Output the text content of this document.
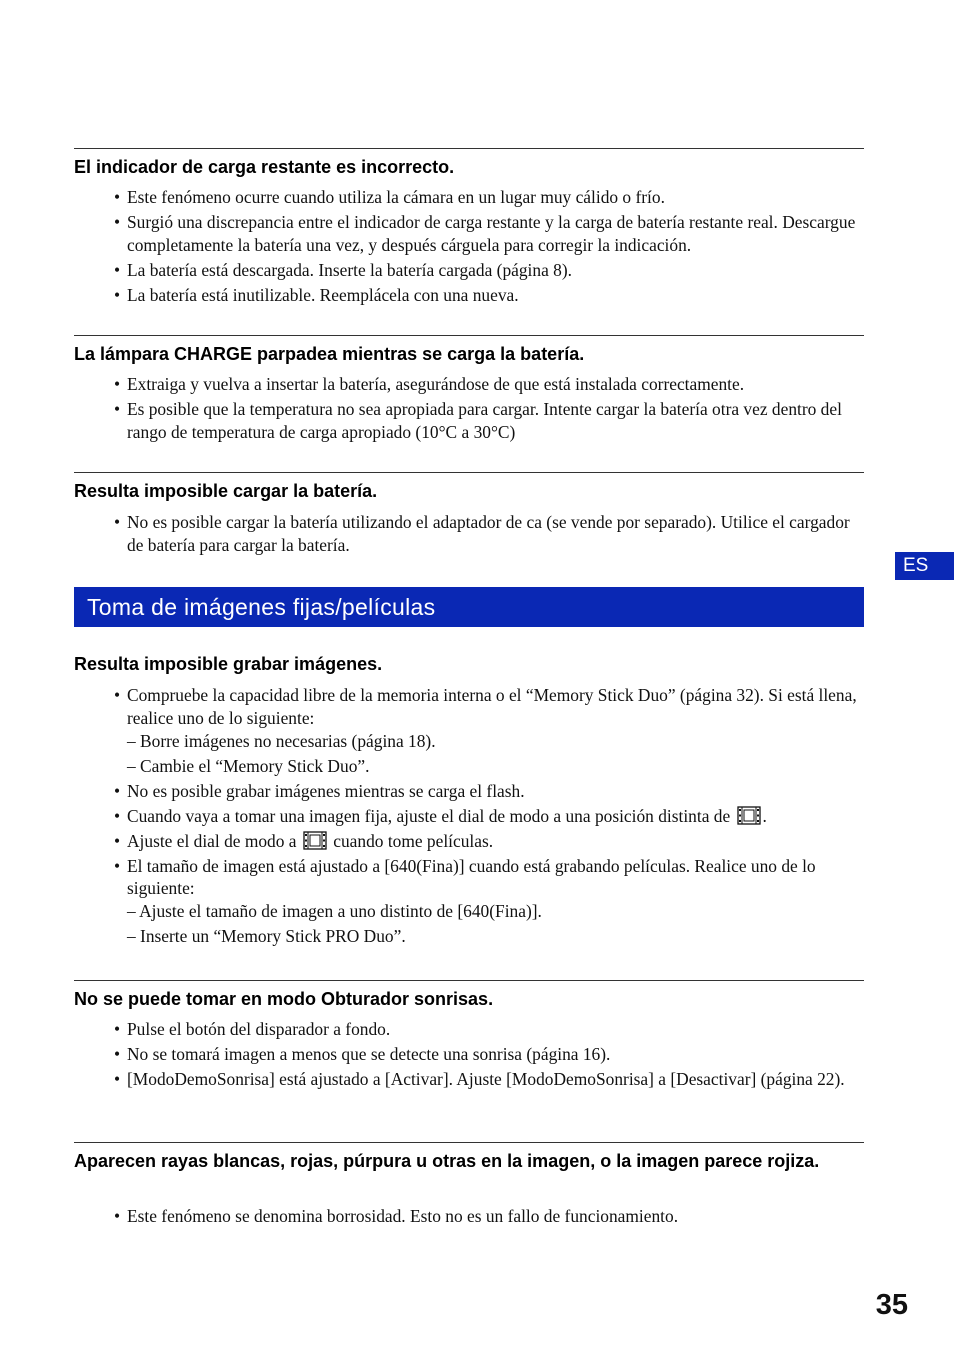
El indicador de carga restante es incorrecto.
• Este fenómeno ocurre cuando utiliza la cámara en un lugar muy cálido o frío.
• Surgió una discrepancia entre el indicador de carga restante y la carga de batería restante real. Descargue completamente la batería una vez, y después cárguela para corregir la indicación.
• La batería está descargada. Inserte la batería cargada (página 8).
• La batería está inutilizable. Reemplácela con una nueva.
La lámpara CHARGE parpadea mientras se carga la batería.
• Extraiga y vuelva a insertar la batería, asegurándose de que está instalada correctamente.
• Es posible que la temperatura no sea apropiada para cargar. Intente cargar la batería otra vez dentro del rango de temperatura de carga apropiado (10°C a 30°C)
Resulta imposible cargar la batería.
• No es posible cargar la batería utilizando el adaptador de ca (se vende por separado). Utilice el cargador de batería para cargar la batería.
Toma de imágenes fijas/películas
Resulta imposible grabar imágenes.
• Compruebe la capacidad libre de la memoria interna o el “Memory Stick Duo” (página 32). Si está llena, realice uno de lo siguiente:
– Borre imágenes no necesarias (página 18).
– Cambie el “Memory Stick Duo”.
• No es posible grabar imágenes mientras se carga el flash.
• Cuando vaya a tomar una imagen fija, ajuste el dial de modo a una posición distinta de .
• Ajuste el dial de modo a cuando tome películas.
• El tamaño de imagen está ajustado a [640(Fina)] cuando está grabando películas. Realice uno de lo siguiente:
– Ajuste el tamaño de imagen a uno distinto de [640(Fina)].
– Inserte un “Memory Stick PRO Duo”.
No se puede tomar en modo Obturador sonrisas.
• Pulse el botón del disparador a fondo.
• No se tomará imagen a menos que se detecte una sonrisa (página 16).
• [ModoDemoSonrisa] está ajustado a [Activar]. Ajuste [ModoDemoSonrisa] a [Desactivar] (página 22).
Aparecen rayas blancas, rojas, púrpura u otras en la imagen, o la imagen parece rojiza.
• Este fenómeno se denomina borrosidad. Esto no es un fallo de funcionamiento.
ES
35
